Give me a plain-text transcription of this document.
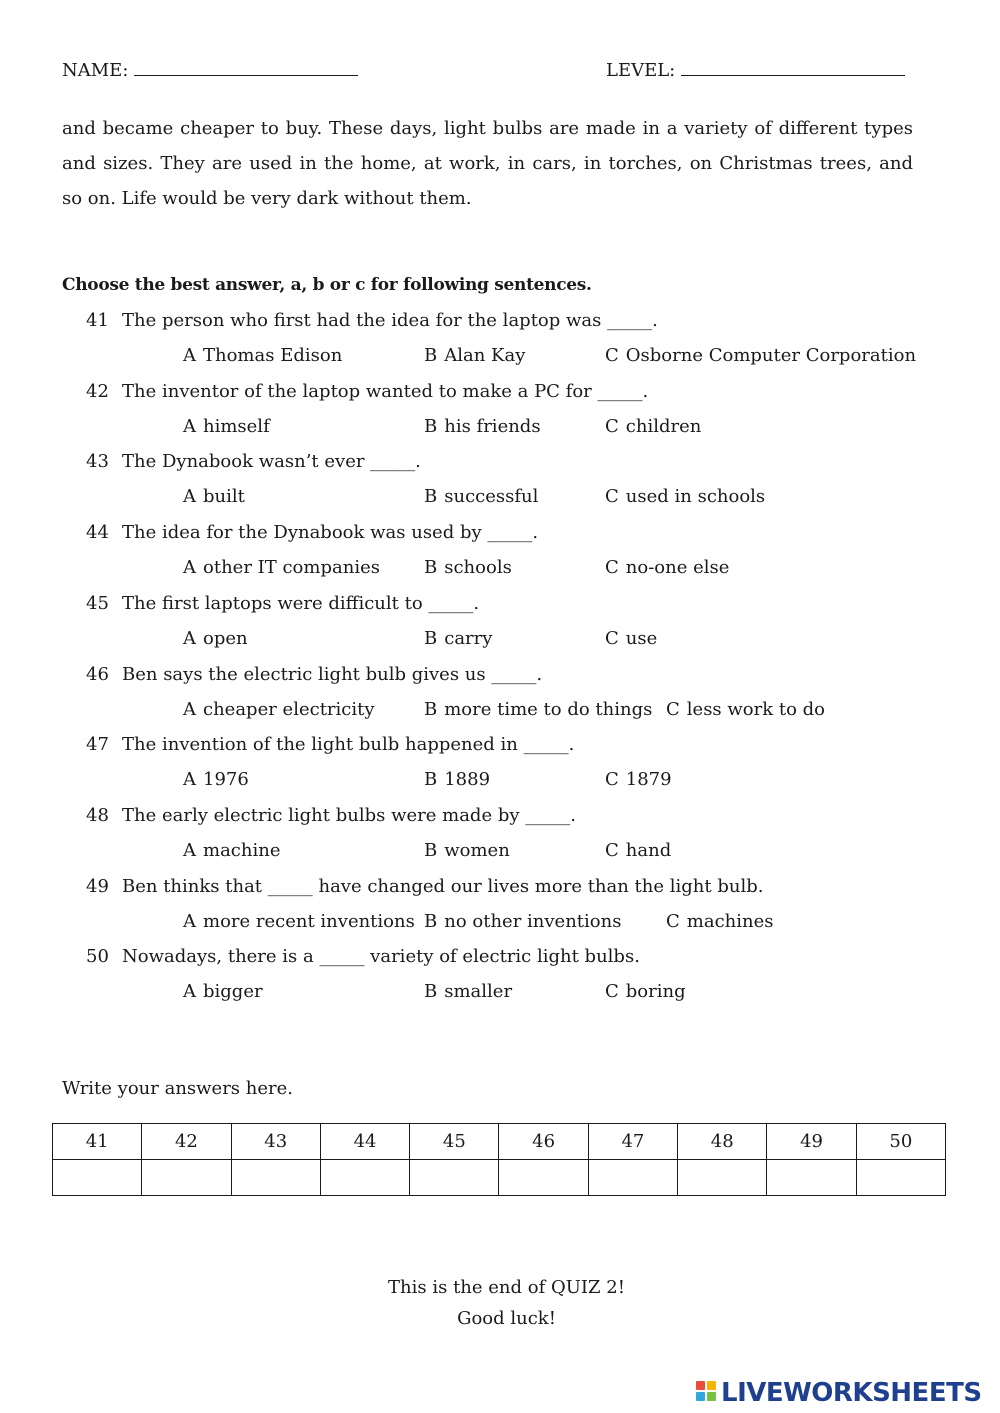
NAME:	LEVEL:
and became cheaper to buy. These days, light bulbs are made in a variety of different types and sizes. They are used in the home, at work, in cars, in torches, on Christmas trees, and so on. Life would be very dark without them.
Choose the best answer, a, b or c for following sentences.
41 The person who first had the idea for the laptop was _____.
A Thomas Edison	B Alan Kay	C Osborne Computer Corporation
42 The inventor of the laptop wanted to make a PC for _____.
A himself	B his friends	C children
43 The Dynabook wasn’t ever _____.
A built	B successful	C used in schools
44 The idea for the Dynabook was used by _____.
A other IT companies B schools	C no-one else
45 The first laptops were difficult to _____.
A open	B carry	C use
46 Ben says the electric light bulb gives us _____.
A cheaper electricity	B more time to do things C less work to do
47 The invention of the light bulb happened in _____.
A 1976	B 1889	C 1879
48 The early electric light bulbs were made by _____.
A machine	B women	C hand
49 Ben thinks that _____ have changed our lives more than the light bulb.
A more recent inventions B no other inventions C machines
50 Nowadays, there is a _____ variety of electric light bulbs.
A bigger	B smaller	C boring
Write your answers here.
41	42	43	44	45	46	47	48	49	50

This is the end of QUIZ 2!
Good luck!
LIVEWORKSHEETS
